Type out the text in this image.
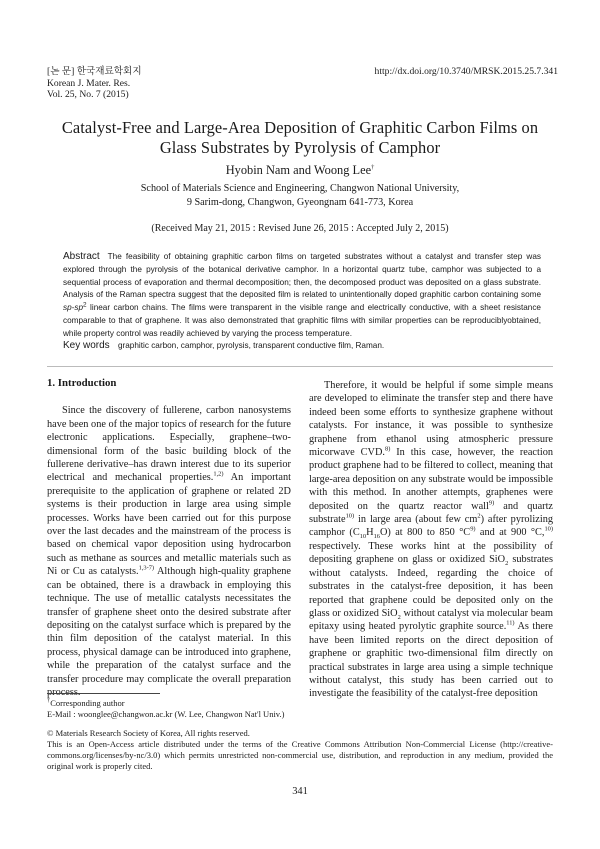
[논 문] 한국재료학회지
Korean J. Mater. Res.
Vol. 25, No. 7 (2015)
http://dx.doi.org/10.3740/MRSK.2015.25.7.341
Catalyst-Free and Large-Area Deposition of Graphitic Carbon Films on
Glass Substrates by Pyrolysis of Camphor
Hyobin Nam and Woong Lee†
School of Materials Science and Engineering, Changwon National University,
9 Sarim-dong, Changwon, Gyeongnam 641-773, Korea
(Received May 21, 2015 : Revised June 26, 2015 : Accepted July 2, 2015)
Abstract The feasibility of obtaining graphitic carbon films on targeted substrates without a catalyst and transfer step was explored through the pyrolysis of the botanical derivative camphor. In a horizontal quartz tube, camphor was subjected to a sequential process of evaporation and thermal decomposition; then, the decomposed product was deposited on a glass substrate. Analysis of the Raman spectra suggest that the deposited film is related to unintentionally doped graphitic carbon containing some $sp-sp^2$ linear carbon chains. The films were transparent in the visible range and electrically conductive, with a sheet resistance comparable to that of graphene. It was also demonstrated that graphitic films with similar properties can be reproduciblyobtained, while property control was readily achieved by varying the process temperature.
Key words graphitic carbon, camphor, pyrolysis, transparent conductive film, Raman.
1. Introduction

Since the discovery of fullerene, carbon nanosystems have been one of the major topics of research for the future electronic applications. Especially, graphene–two-dimensional form of the basic building block of the fullerene derivative–has drawn interest due to its superior electrical and mechanical properties.$^{1,2)}$ An important prerequisite to the application of graphene or related 2D systems is their production in large area using simple processes. Works have been carried out for this purpose over the last decades and the mainstream of the process is based on chemical vapor deposition using hydrocarbon such as methane as sources and metallic materials such as Ni or Cu as catalysts.$^{1,3-7)}$ Although high-quality graphene can be obtained, there is a drawback in employing this technique. The use of metallic catalysts necessitates the transfer of graphene sheet onto the desired substrate after depositing on the catalyst surface which is prepared by the thin film deposition of the catalyst material. In this process, physical damage can be introduced into graphene, while the preparation of the catalyst surface and the transfer procedure may complicate the overall preparation process.

Therefore, it would be helpful if some simple means are developed to eliminate the transfer step and there have indeed been some efforts to synthesize graphene without catalysts. For instance, it was possible to synthesize graphene from ethanol using atmospheric pressure micorwave CVD.$^{8)}$ In this case, however, the reaction product graphene had to be filtered to collect, meaning that large-area deposition on any substrate would be impossible with this method. In another attempts, graphenes were deposited on the quartz reactor wall$^{9)}$ and quartz substrate$^{10)}$ in large area (about few $cm^2$) after pyrolizing camphor $(C_{10}H_{16}O)$ at 800 to 850 $^\circ C^{9)}$ and at 900 °C,$^{10)}$ respectively. These works hint at the possibility of depositing graphene on glass or oxidized SiO$_2$ substrates without catalysts. Indeed, regarding the choice of substrates in the catalyst-free deposition, it has been reported that graphene could be deposited only on the glass or oxidized SiO$_2$ without catalyst via molecular beam epitaxy using heated pyrolytic graphite source.$^{11)}$ As there have been limited reports on the direct deposition of graphene or graphitic two-dimensional film directly on practical substrates in large area using a simple technique without catalyst, this study has been carried out to investigate the feasibility of the catalyst-free deposition

†Corresponding author
E-Mail : woonglee@changwon.ac.kr (W. Lee, Changwon Nat'l Univ.)
© Materials Research Society of Korea, All rights reserved.
This is an Open-Access article distributed under the terms of the Creative Commons Attribution Non-Commercial License (http://creative-commons.org/licenses/by-nc/3.0) which permits unrestricted non-commercial use, distribution, and reproduction in any medium, provided the original work is properly cited.
341
